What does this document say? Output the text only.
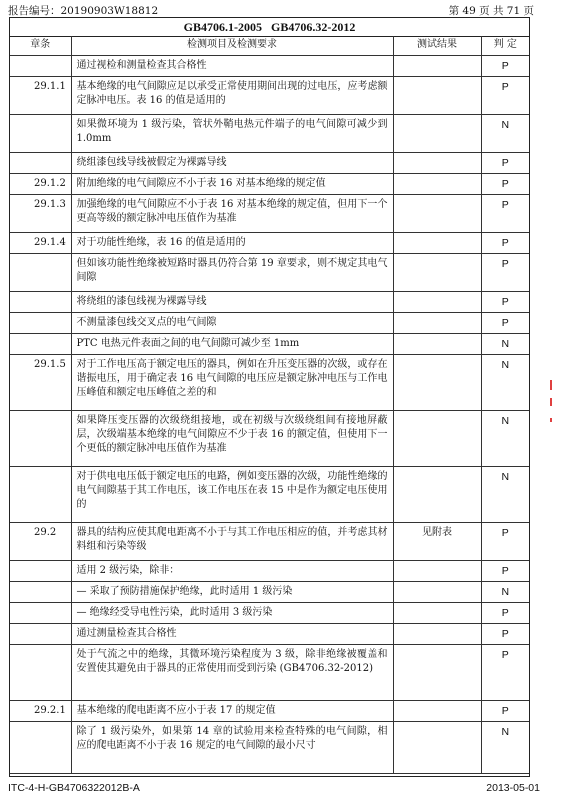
报告编号：20190903W18812	第 49 页 共 71 页
GB4706.1-2005 GB4706.32-2012
章条	检测项目及检测要求	测试结果	判 定
	通过视检和测量检查其合格性		P
29.1.1	基本绝缘的电气间隙应足以承受正常使用期间出现的过电压，应考虑额定脉冲电压。表 16 的值是适用的		P
	如果微环境为 1 级污染，管状外鞘电热元件端子的电气间隙可减少到 1.0mm		N
	绕组漆包线导线被假定为裸露导线		P
29.1.2	附加绝缘的电气间隙应不小于表 16 对基本绝缘的规定值		P
29.1.3	加强绝缘的电气间隙应不小于表 16 对基本绝缘的规定值，但用下一个更高等级的额定脉冲电压值作为基准		P
29.1.4	对于功能性绝缘，表 16 的值是适用的		P
	但如该功能性绝缘被短路时器具仍符合第 19 章要求，则不规定其电气间隙		P
	将绕组的漆包线视为裸露导线		P
	不测量漆包线交叉点的电气间隙		P
	PTC 电热元件表面之间的电气间隙可减少至 1mm		N
29.1.5	对于工作电压高于额定电压的器具，例如在升压变压器的次级，或存在谐振电压，用于确定表 16 电气间隙的电压应是额定脉冲电压与工作电压峰值和额定电压峰值之差的和		N
	如果降压变压器的次级绕组接地，或在初级与次级绕组间有接地屏蔽层，次级端基本绝缘的电气间隙应不少于表 16 的额定值，但使用下一个更低的额定脉冲电压值作为基准		N
	对于供电电压低于额定电压的电路，例如变压器的次级，功能性绝缘的电气间隙基于其工作电压，该工作电压在表 15 中是作为额定电压使用的		N
29.2	器具的结构应使其爬电距离不小于与其工作电压相应的值，并考虑其材料组和污染等级	见附表	P
	适用 2 级污染，除非：		P
	— 采取了预防措施保护绝缘，此时适用 1 级污染		N
	— 绝缘经受导电性污染，此时适用 3 级污染		P
	通过测量检查其合格性		P
	处于气流之中的绝缘，其微环境污染程度为 3 级，除非绝缘被覆盖和安置使其避免由于器具的正常使用而受到污染 (GB4706.32-2012)		P
29.2.1	基本绝缘的爬电距离不应小于表 17 的规定值		P
	除了 1 级污染外，如果第 14 章的试验用来检查特殊的电气间隙，相应的爬电距离不小于表 16 规定的电气间隙的最小尺寸		N
ITC-4-H-GB4706322012B-A	2013-05-01
